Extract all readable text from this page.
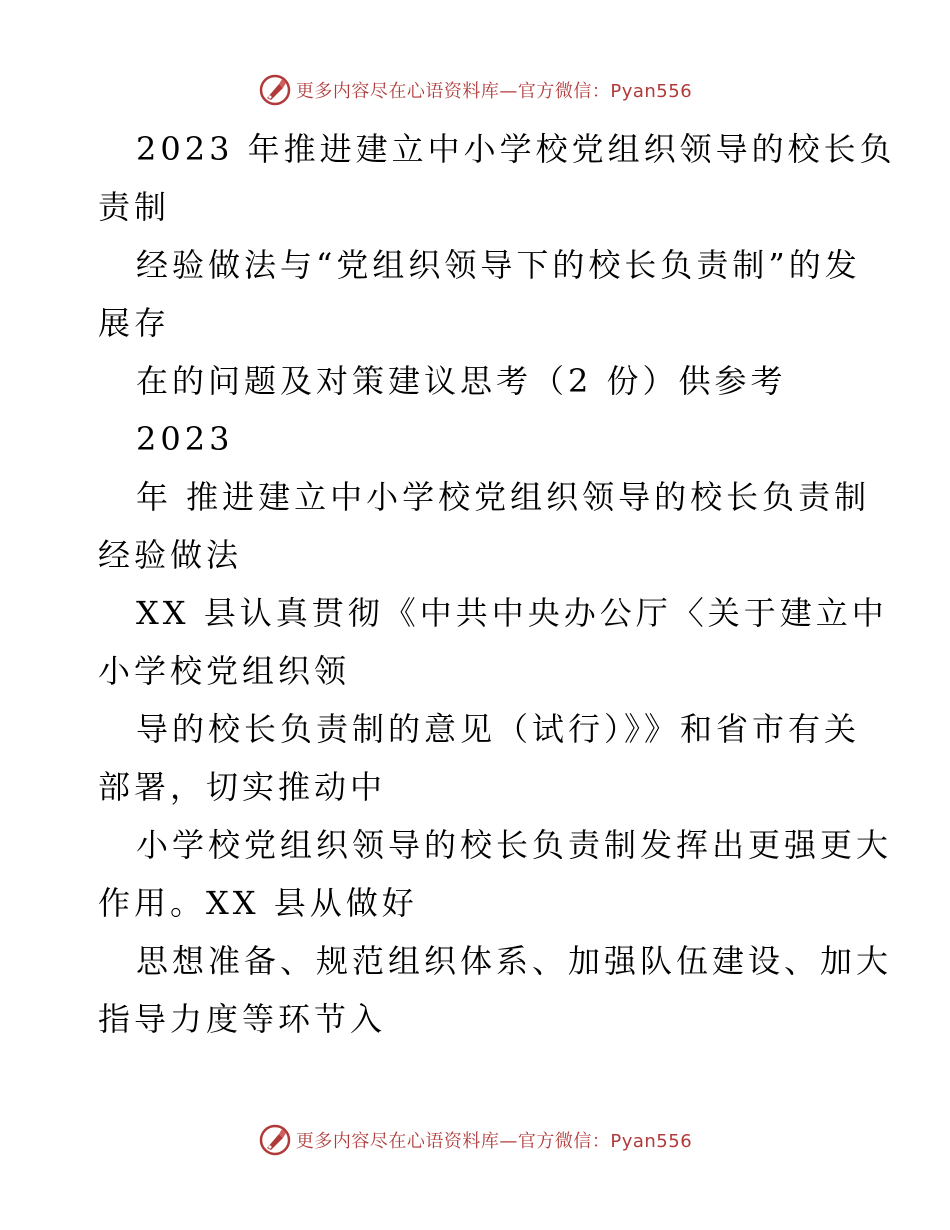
更多内容尽在心语资料库—官方微信：Pyan556
2023 年推进建立中小学校党组织领导的校长负
责制
经验做法与“党组织领导下的校长负责制”的发
展存
在的问题及对策建议思考（2 份）供参考
2023
年 推进建立中小学校党组织领导的校长负责制
经验做法
XX 县认真贯彻《中共中央办公厅〈关于建立中
小学校党组织领
导的校长负责制的意见（试行）》》和省市有关
部署，切实推动中
小学校党组织领导的校长负责制发挥出更强更大
作用。XX 县从做好
思想准备、规范组织体系、加强队伍建设、加大
指导力度等环节入
更多内容尽在心语资料库—官方微信：Pyan556
